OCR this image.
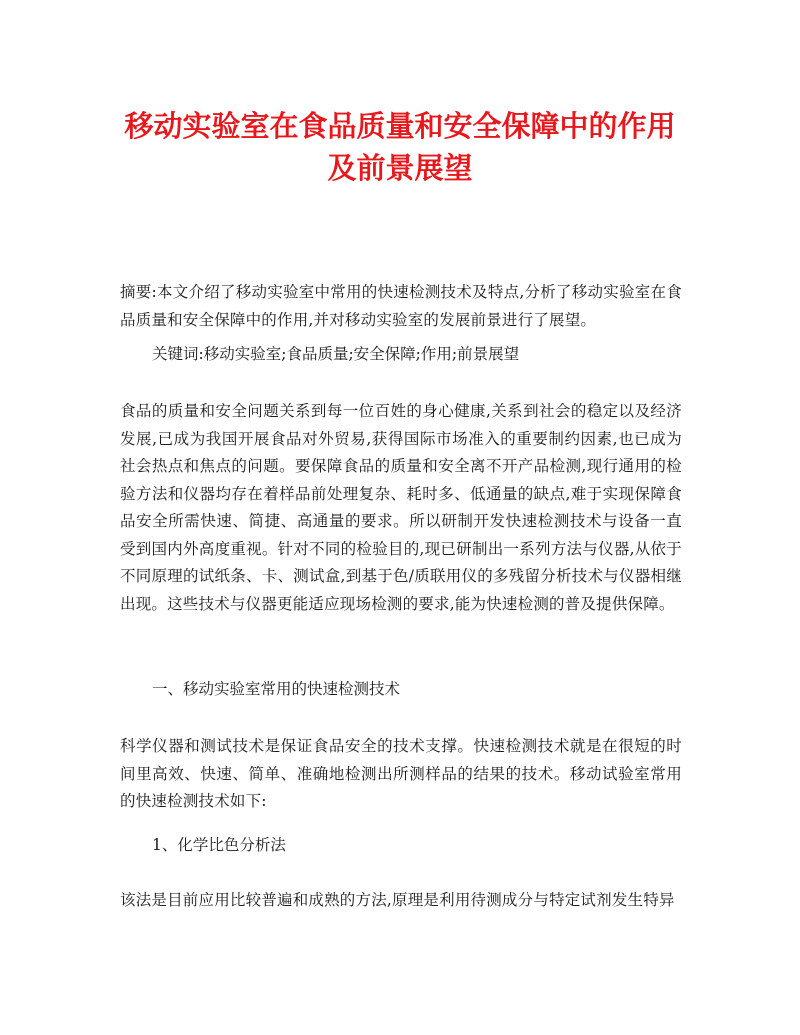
移动实验室在食品质量和安全保障中的作用
及前景展望
摘要:本文介绍了移动实验室中常用的快速检测技术及特点,分析了移动实验室在食品质量和安全保障中的作用,并对移动实验室的发展前景进行了展望。
关键词:移动实验室;食品质量;安全保障;作用;前景展望
食品的质量和安全问题关系到每一位百姓的身心健康,关系到社会的稳定以及经济发展,已成为我国开展食品对外贸易,获得国际市场准入的重要制约因素,也已成为社会热点和焦点的问题。要保障食品的质量和安全离不开产品检测,现行通用的检验方法和仪器均存在着样品前处理复杂、耗时多、低通量的缺点,难于实现保障食品安全所需快速、简捷、高通量的要求。所以研制开发快速检测技术与设备一直受到国内外高度重视。针对不同的检验目的,现已研制出一系列方法与仪器,从依于不同原理的试纸条、卡、测试盒,到基于色/质联用仪的多残留分析技术与仪器相继出现。这些技术与仪器更能适应现场检测的要求,能为快速检测的普及提供保障。
一、移动实验室常用的快速检测技术
科学仪器和测试技术是保证食品安全的技术支撑。快速检测技术就是在很短的时间里高效、快速、简单、准确地检测出所测样品的结果的技术。移动试验室常用的快速检测技术如下:
1、化学比色分析法
该法是目前应用比较普遍和成熟的方法,原理是利用待测成分与特定试剂发生特异
